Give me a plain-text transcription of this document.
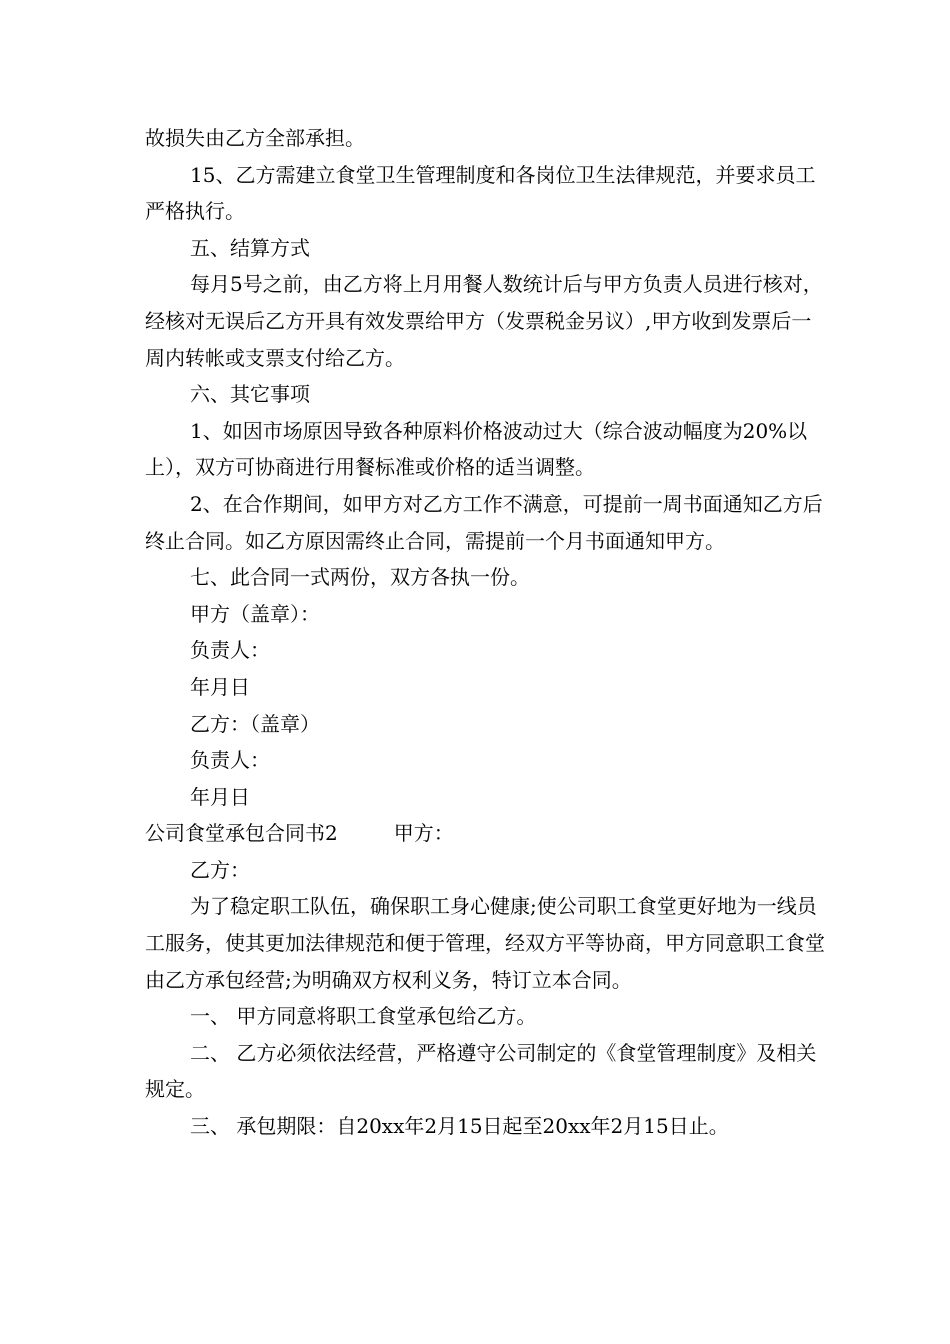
故损失由乙方全部承担。

15、乙方需建立食堂卫生管理制度和各岗位卫生法律规范，并要求员工严格执行。

五、结算方式

每月5号之前，由乙方将上月用餐人数统计后与甲方负责人员进行核对，经核对无误后乙方开具有效发票给甲方（发票税金另议）,甲方收到发票后一周内转帐或支票支付给乙方。

六、其它事项

1、如因市场原因导致各种原料价格波动过大（综合波动幅度为20%以上），双方可协商进行用餐标准或价格的适当调整。

2、在合作期间，如甲方对乙方工作不满意，可提前一周书面通知乙方后终止合同。如乙方原因需终止合同，需提前一个月书面通知甲方。

七、此合同一式两份，双方各执一份。

甲方（盖章）：

负责人：

年月日

乙方：（盖章）

负责人：

年月日

公司食堂承包合同书2	甲方：

乙方：

为了稳定职工队伍，确保职工身心健康;使公司职工食堂更好地为一线员工服务，使其更加法律规范和便于管理，经双方平等协商，甲方同意职工食堂由乙方承包经营;为明确双方权利义务，特订立本合同。

一、 甲方同意将职工食堂承包给乙方。

二、 乙方必须依法经营，严格遵守公司制定的《食堂管理制度》及相关规定。

三、 承包期限：自20xx年2月15日起至20xx年2月15日止。
